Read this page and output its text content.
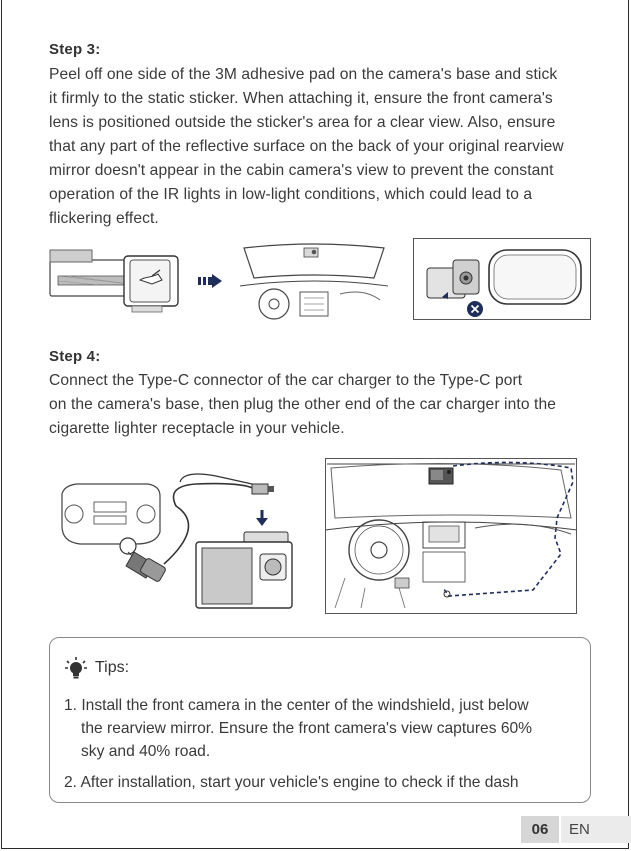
Step 3:
Peel off one side of the 3M adhesive pad on the camera's base and stick
it firmly to the static sticker. When attaching it, ensure the front camera's
lens is positioned outside the sticker's area for a clear view. Also, ensure
that any part of the reflective surface on the back of your original rearview
mirror doesn't appear in the cabin camera's view to prevent the constant
operation of the IR lights in low-light conditions, which could lead to a
flickering effect.
Step 4:
Connect the Type-C connector of the car charger to the Type-C port
on the camera's base, then plug the other end of the car charger into the
cigarette lighter receptacle in your vehicle.
Tips:
1. Install the front camera in the center of the windshield, just below
the rearview mirror. Ensure the front camera's view captures 60%
sky and 40% road.
2. After installation, start your vehicle's engine to check if the dash
06	EN
